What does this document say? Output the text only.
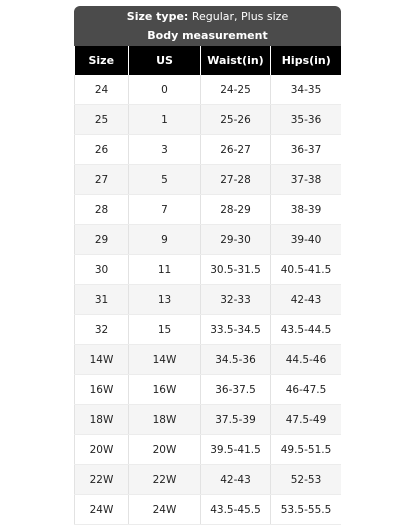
Size type: Regular, Plus size
Body measurement
Size	US	Waist(in)	Hips(in)
24	0	24-25	34-35
25	1	25-26	35-36
26	3	26-27	36-37
27	5	27-28	37-38
28	7	28-29	38-39
29	9	29-30	39-40
30	11	30.5-31.5	40.5-41.5
31	13	32-33	42-43
32	15	33.5-34.5	43.5-44.5
14W	14W	34.5-36	44.5-46
16W	16W	36-37.5	46-47.5
18W	18W	37.5-39	47.5-49
20W	20W	39.5-41.5	49.5-51.5
22W	22W	42-43	52-53
24W	24W	43.5-45.5	53.5-55.5
